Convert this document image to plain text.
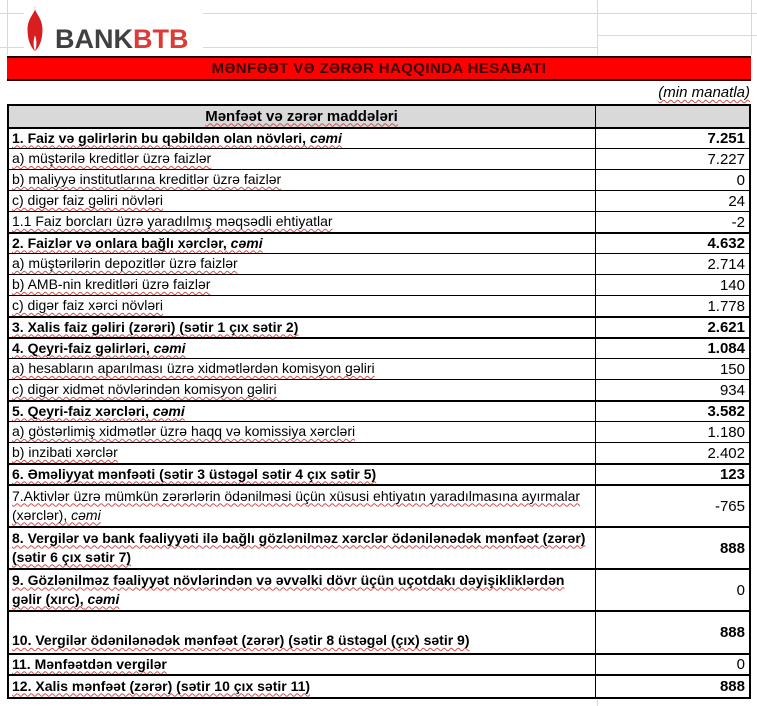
BANK BTB
MƏNFƏƏT VƏ ZƏRƏR HAQQINDA HESABATI
(min manatla)
Mənfəət və zərər maddələri
1. Faiz və gəlirlərin bu qəbildən olan növləri, cəmi	7.251
a) müştərilə kreditlər üzrə faizlər	7.227
b) maliyyə institutlarına kreditlər üzrə faizlər	0
c) digər faiz gəliri növləri	24
1.1 Faiz borcları üzrə yaradılmış məqsədli ehtiyatlar	-2
2. Faizlər və onlara bağlı xərclər, cəmi	4.632
a) müştərilərin depozitlər üzrə faizlər	2.714
b) AMB-nin kreditləri üzrə faizlər	140
c) digər faiz xərci növləri	1.778
3. Xalis faiz gəliri (zərəri) (sətir 1 çıx sətir 2)	2.621
4. Qeyri-faiz gəlirləri, cəmi	1.084
a) hesabların aparılması üzrə xidmətlərdən komisyon gəliri	150
c) digər xidmət növlərindən komisyon gəliri	934
5. Qeyri-faiz xərcləri, cəmi	3.582
a) göstərlimiş xidmətlər üzrə haqq və komissiya xərcləri	1.180
b) inzibati xərclər	2.402
6. Əməliyyat mənfəəti (sətir 3 üstəgəl sətir 4 çıx sətir 5)	123
7.Aktivlər üzrə mümkün zərərlərin ödənilməsi üçün xüsusi ehtiyatın yaradılmasına ayırmalar (xərclər), cəmi	-765
8. Vergilər və bank fəaliyyəti ilə bağlı gözlənilməz xərclər ödənilənədək mənfəət (zərər) (sətir 6 çıx sətir 7)	888
9. Gözlənilməz fəaliyyət növlərindən və əvvəlki dövr üçün uçotdakı dəyişikliklərdən gəlir (xırc), cəmi	0
10. Vergilər ödənilənədək mənfəət (zərər) (sətir 8 üstəgəl (çıx) sətir 9)	888
11. Mənfəətdən vergilər	0
12. Xalis mənfəət (zərər) (sətir 10 çıx sətir 11)	888
